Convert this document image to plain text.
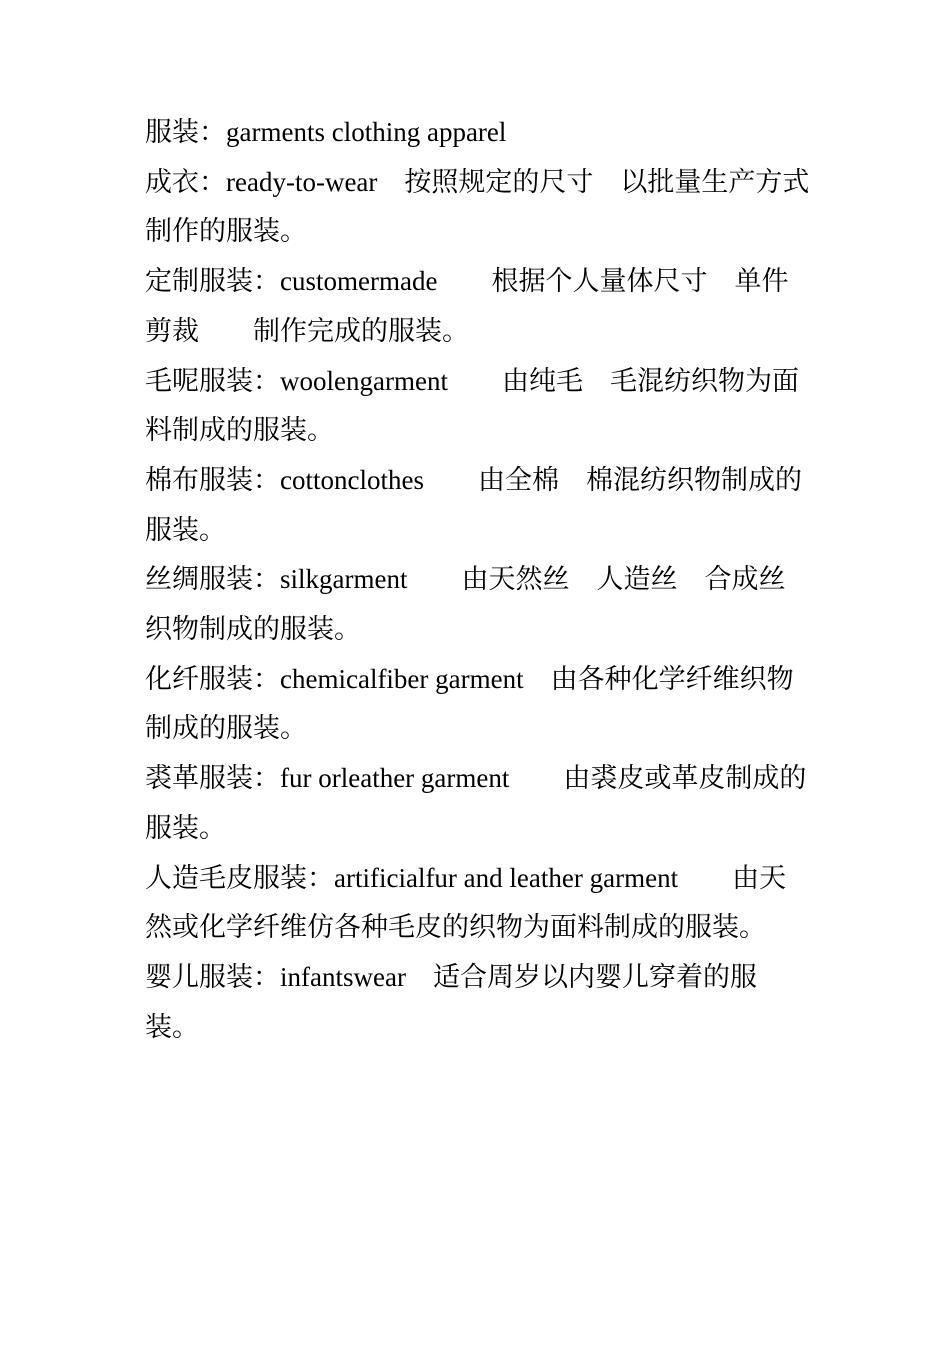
服装：garments clothing apparel

成衣：ready-to-wear　按照规定的尺寸　以批量生产方式制作的服装。

定制服装：customermade　　根据个人量体尺寸　单件剪裁　　制作完成的服装。

毛呢服装：woolengarment　　由纯毛　毛混纺织物为面料制成的服装。

棉布服装：cottonclothes　　由全棉　棉混纺织物制成的服装。

丝绸服装：silkgarment　　由天然丝　人造丝　合成丝织物制成的服装。

化纤服装：chemicalfiber garment　由各种化学纤维织物制成的服装。

裘革服装：fur orleather garment　　由裘皮或革皮制成的服装。

人造毛皮服装：artificialfur and leather garment　　由天然或化学纤维仿各种毛皮的织物为面料制成的服装。

婴儿服装：infantswear　适合周岁以内婴儿穿着的服装。
